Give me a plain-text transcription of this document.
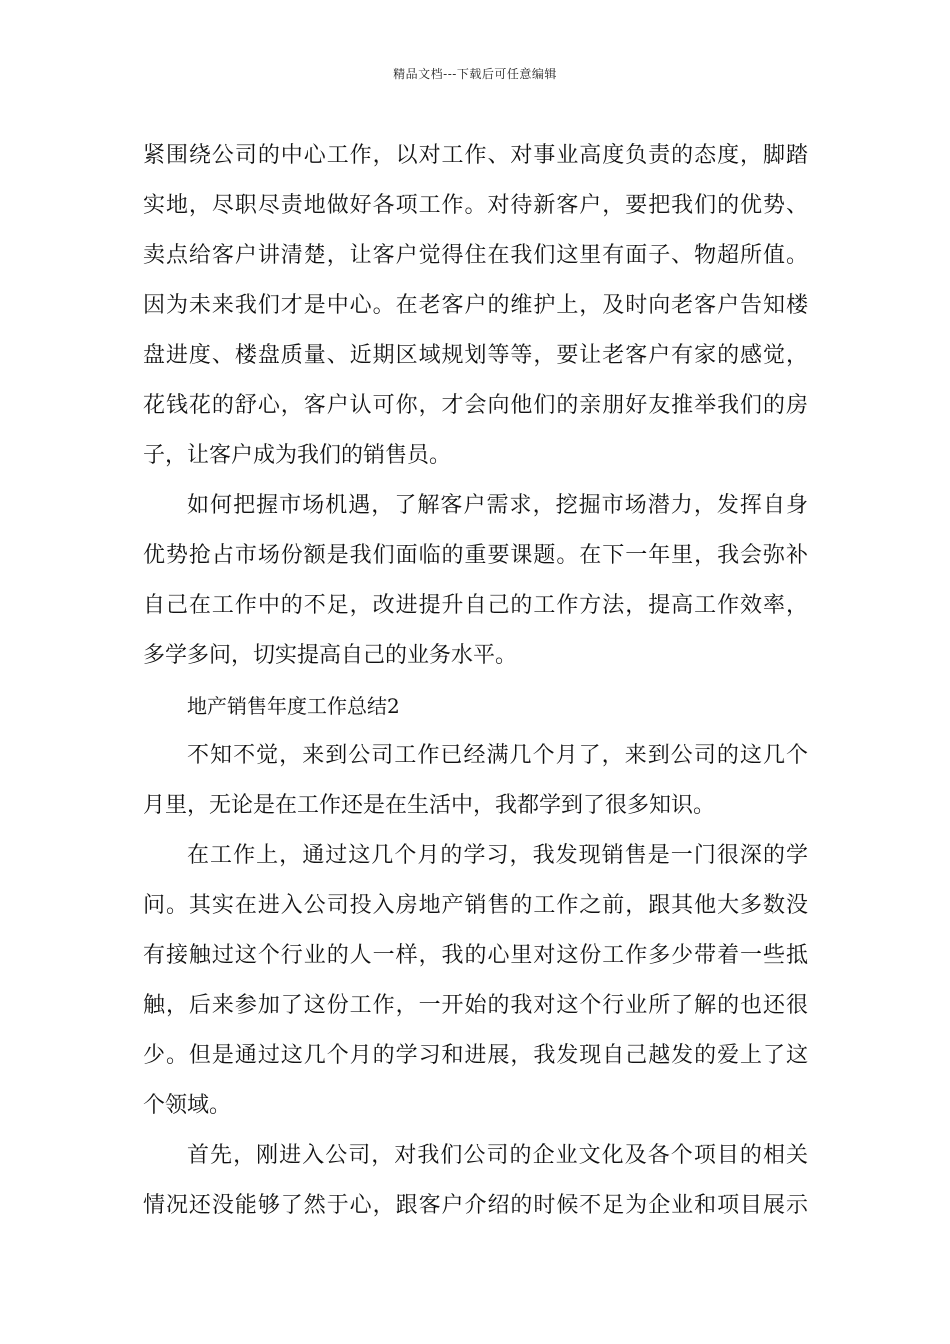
精品文档---下载后可任意编辑
紧围绕公司的中心工作，以对工作、对事业高度负责的态度，脚踏
实地，尽职尽责地做好各项工作。对待新客户，要把我们的优势、
卖点给客户讲清楚，让客户觉得住在我们这里有面子、物超所值。
因为未来我们才是中心。在老客户的维护上，及时向老客户告知楼
盘进度、楼盘质量、近期区域规划等等，要让老客户有家的感觉，
花钱花的舒心，客户认可你，才会向他们的亲朋好友推举我们的房
子，让客户成为我们的销售员。
如何把握市场机遇，了解客户需求，挖掘市场潜力，发挥自身
优势抢占市场份额是我们面临的重要课题。在下一年里，我会弥补
自己在工作中的不足，改进提升自己的工作方法，提高工作效率，
多学多问，切实提高自己的业务水平。
地产销售年度工作总结2
不知不觉，来到公司工作已经满几个月了，来到公司的这几个
月里，无论是在工作还是在生活中，我都学到了很多知识。
在工作上，通过这几个月的学习，我发现销售是一门很深的学
问。其实在进入公司投入房地产销售的工作之前，跟其他大多数没
有接触过这个行业的人一样，我的心里对这份工作多少带着一些抵
触，后来参加了这份工作，一开始的我对这个行业所了解的也还很
少。但是通过这几个月的学习和进展，我发现自己越发的爱上了这
个领域。
首先，刚进入公司，对我们公司的企业文化及各个项目的相关
情况还没能够了然于心，跟客户介绍的时候不足为企业和项目展示
